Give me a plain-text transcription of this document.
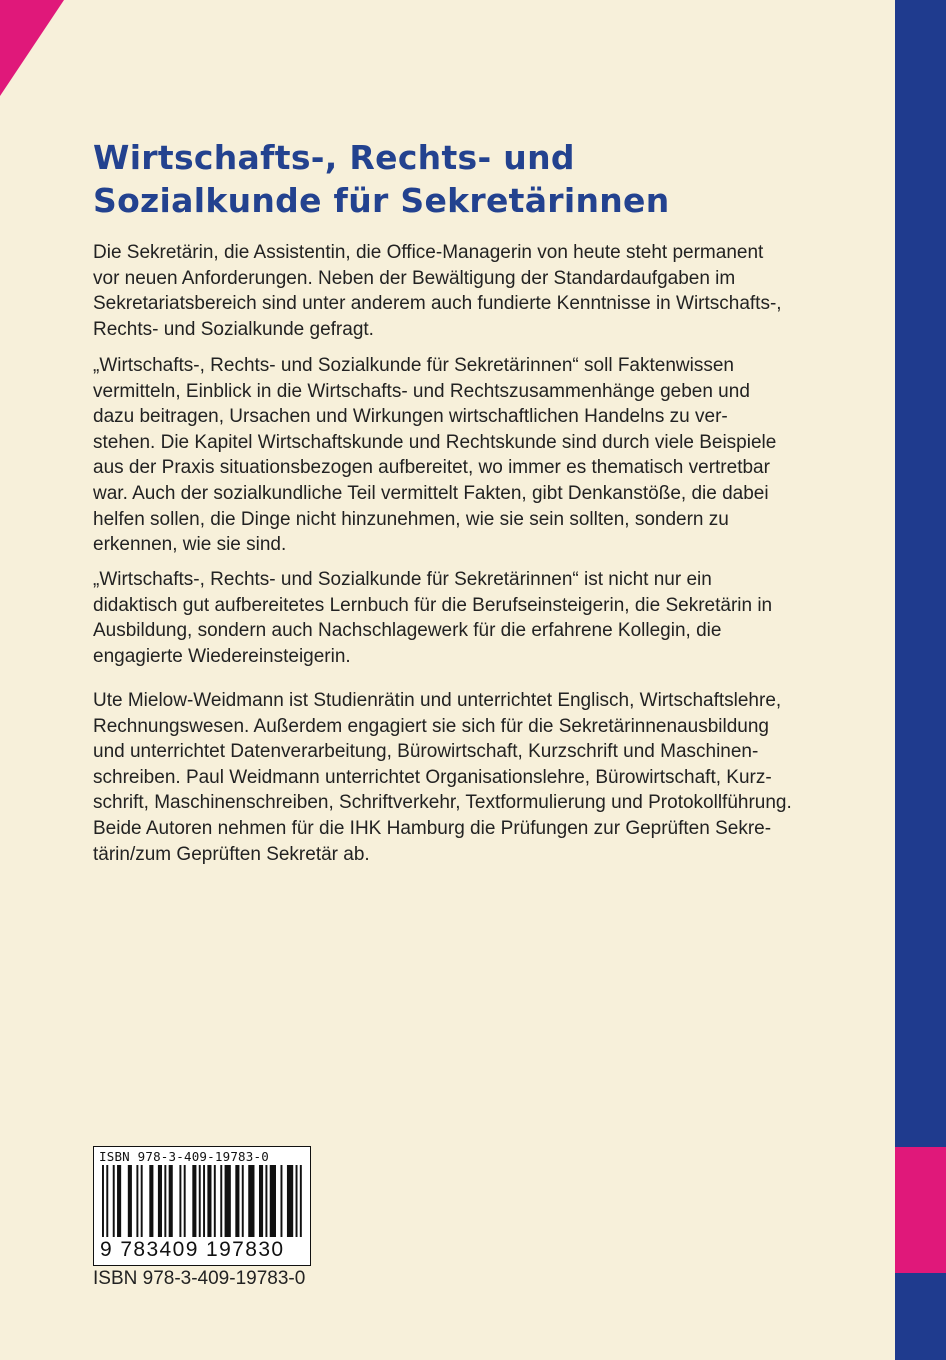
Wirtschafts-, Rechts- und
Sozialkunde für Sekretärinnen

Die Sekretärin, die Assistentin, die Office-Managerin von heute steht permanent
vor neuen Anforderungen. Neben der Bewältigung der Standardaufgaben im
Sekretariatsbereich sind unter anderem auch fundierte Kenntnisse in Wirtschafts-,
Rechts- und Sozialkunde gefragt.

„Wirtschafts-, Rechts- und Sozialkunde für Sekretärinnen“ soll Faktenwissen
vermitteln, Einblick in die Wirtschafts- und Rechtszusammenhänge geben und
dazu beitragen, Ursachen und Wirkungen wirtschaftlichen Handelns zu ver-
stehen. Die Kapitel Wirtschaftskunde und Rechtskunde sind durch viele Beispiele
aus der Praxis situationsbezogen aufbereitet, wo immer es thematisch vertretbar
war. Auch der sozialkundliche Teil vermittelt Fakten, gibt Denkanstöße, die dabei
helfen sollen, die Dinge nicht hinzunehmen, wie sie sein sollten, sondern zu
erkennen, wie sie sind.

„Wirtschafts-, Rechts- und Sozialkunde für Sekretärinnen“ ist nicht nur ein
didaktisch gut aufbereitetes Lernbuch für die Berufseinsteigerin, die Sekretärin in
Ausbildung, sondern auch Nachschlagewerk für die erfahrene Kollegin, die
engagierte Wiedereinsteigerin.

Ute Mielow-Weidmann ist Studienrätin und unterrichtet Englisch, Wirtschaftslehre,
Rechnungswesen. Außerdem engagiert sie sich für die Sekretärinnenausbildung
und unterrichtet Datenverarbeitung, Bürowirtschaft, Kurzschrift und Maschinen-
schreiben. Paul Weidmann unterrichtet Organisationslehre, Bürowirtschaft, Kurz-
schrift, Maschinenschreiben, Schriftverkehr, Textformulierung und Protokollführung.
Beide Autoren nehmen für die IHK Hamburg die Prüfungen zur Geprüften Sekre-
tärin/zum Geprüften Sekretär ab.

ISBN 978-3-409-19783-0
9 783409 197830
ISBN 978-3-409-19783-0
